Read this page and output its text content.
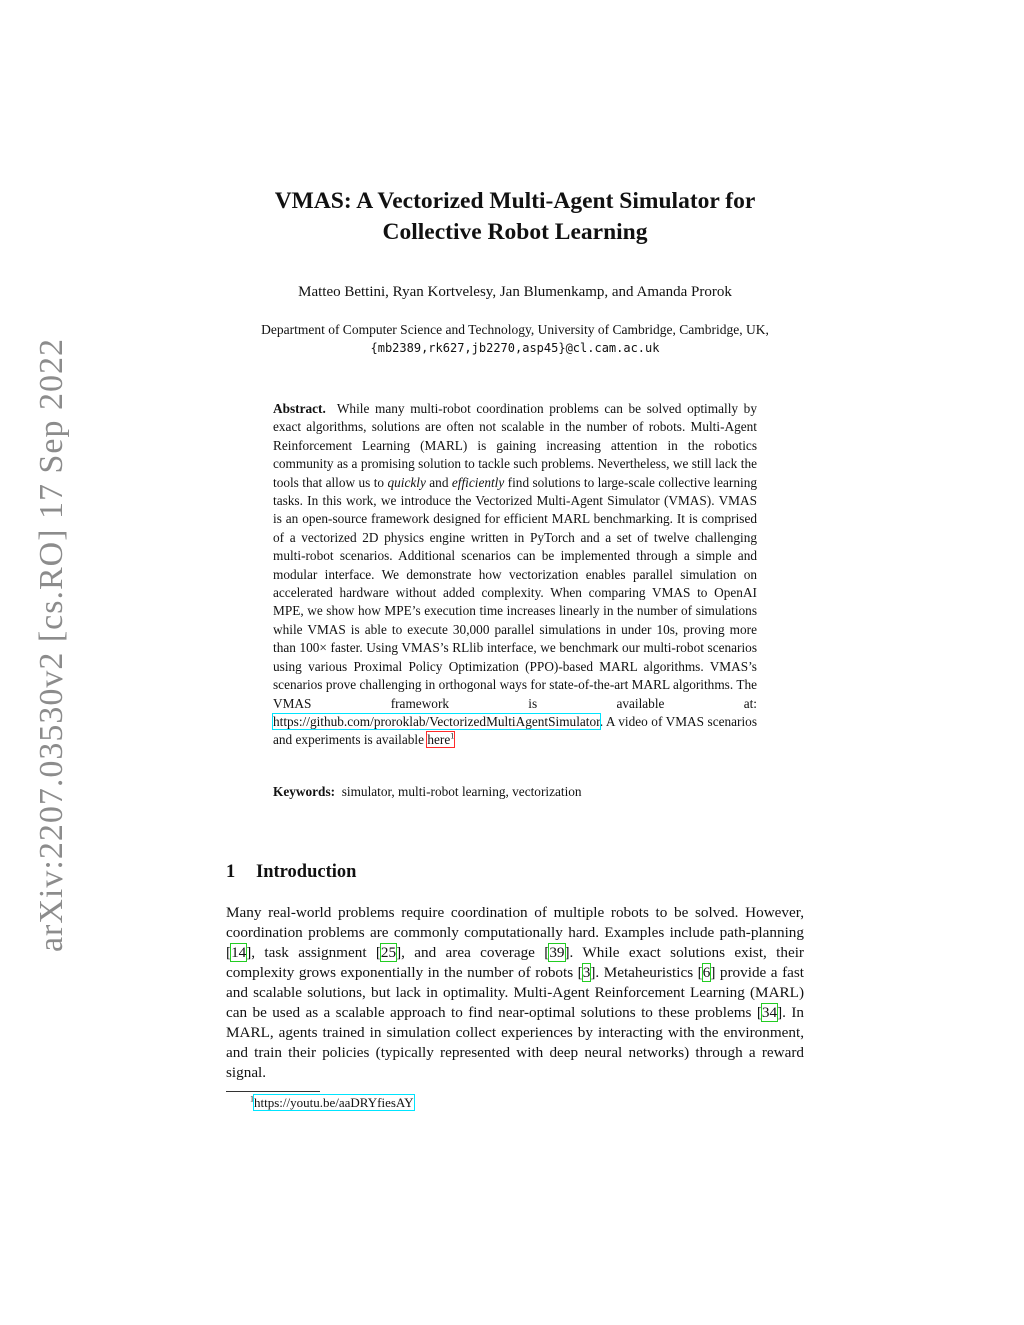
arXiv:2207.03530v2 [cs.RO] 17 Sep 2022
VMAS: A Vectorized Multi-Agent Simulator for
Collective Robot Learning
Matteo Bettini, Ryan Kortvelesy, Jan Blumenkamp, and Amanda Prorok
Department of Computer Science and Technology, University of Cambridge, Cambridge, UK,
{mb2389,rk627,jb2270,asp45}@cl.cam.ac.uk
Abstract. While many multi-robot coordination problems can be solved optimally by exact algorithms, solutions are often not scalable in the number of robots. Multi-Agent Reinforcement Learning (MARL) is gaining increasing attention in the robotics community as a promising solution to tackle such problems. Nevertheless, we still lack the tools that allow us to quickly and efficiently find solutions to large-scale collective learning tasks. In this work, we introduce the Vectorized Multi-Agent Simulator (VMAS). VMAS is an open-source framework designed for efficient MARL benchmarking. It is comprised of a vectorized 2D physics engine written in PyTorch and a set of twelve challenging multi-robot scenarios. Additional scenarios can be implemented through a simple and modular interface. We demonstrate how vectorization enables parallel simulation on accelerated hardware without added complexity. When comparing VMAS to OpenAI MPE, we show how MPE’s execution time increases linearly in the number of simulations while VMAS is able to execute 30,000 parallel simulations in under 10s, proving more than 100× faster. Using VMAS’s RLlib interface, we benchmark our multi-robot scenarios using various Proximal Policy Optimization (PPO)-based MARL algorithms. VMAS’s scenarios prove challenging in orthogonal ways for state-of-the-art MARL algorithms. The VMAS framework is available at: https://github.com/proroklab/VectorizedMultiAgentSimulator. A video of VMAS scenarios and experiments is available here$^1$
Keywords: simulator, multi-robot learning, vectorization
1 Introduction
Many real-world problems require coordination of multiple robots to be solved. However, coordination problems are commonly computationally hard. Examples include path-planning [14], task assignment [25], and area coverage [39]. While exact solutions exist, their complexity grows exponentially in the number of robots [3]. Metaheuristics [6] provide a fast and scalable solutions, but lack in optimality. Multi-Agent Reinforcement Learning (MARL) can be used as a scalable approach to find near-optimal solutions to these problems [34]. In MARL, agents trained in simulation collect experiences by interacting with the environment, and train their policies (typically represented with deep neural networks) through a reward signal.
$^1$https://youtu.be/aaDRYfiesAY
